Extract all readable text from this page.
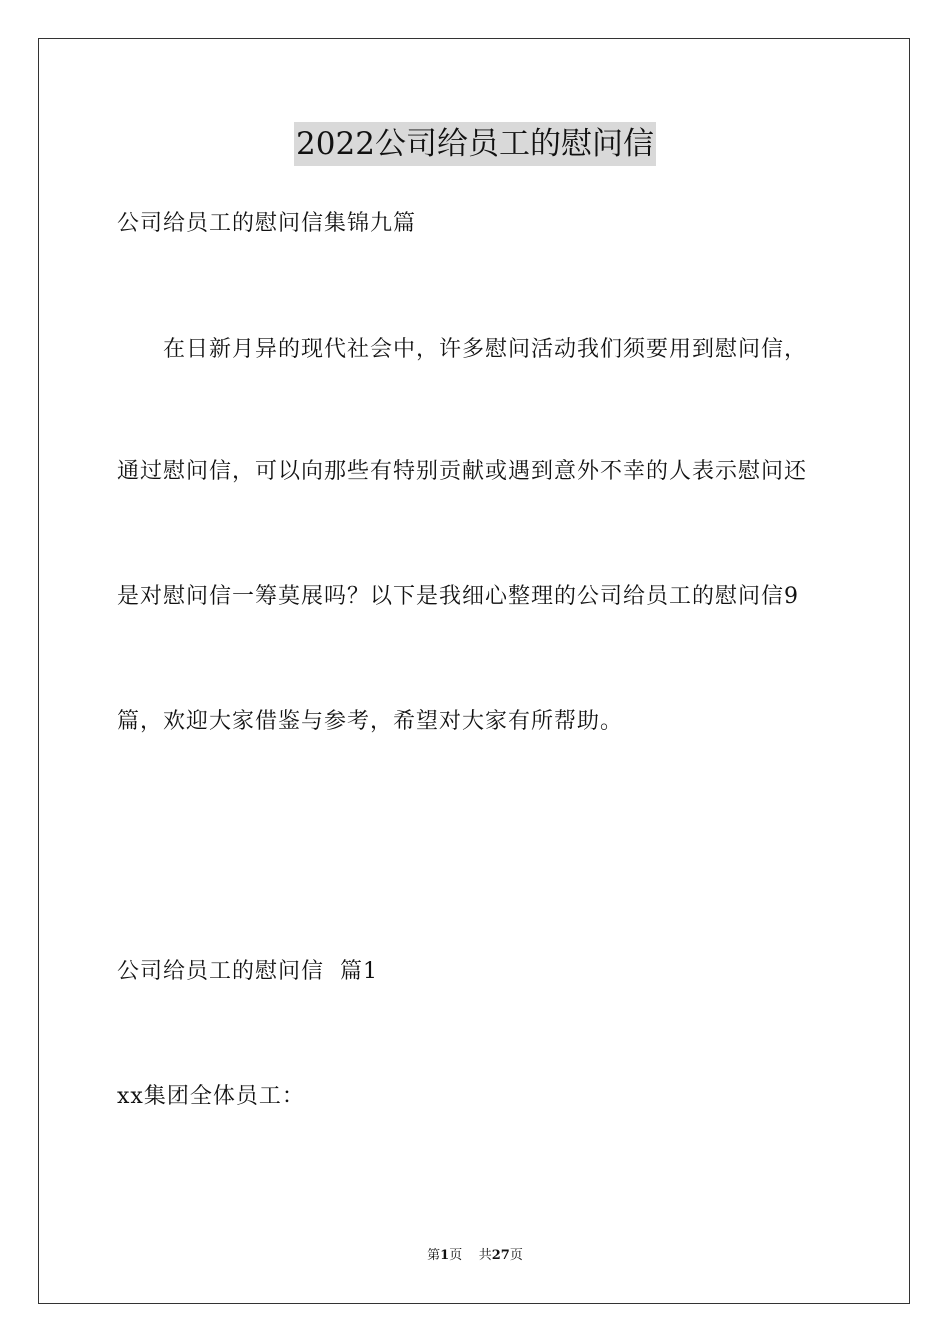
2022公司给员工的慰问信
公司给员工的慰问信集锦九篇
在日新月异的现代社会中，许多慰问活动我们须要用到慰问信，
通过慰问信，可以向那些有特别贡献或遇到意外不幸的人表示慰问还
是对慰问信一筹莫展吗？以下是我细心整理的公司给员工的慰问信9
篇，欢迎大家借鉴与参考，希望对大家有所帮助。
公司给员工的慰问信  篇1
xx集团全体员工：
第1页 共27页
